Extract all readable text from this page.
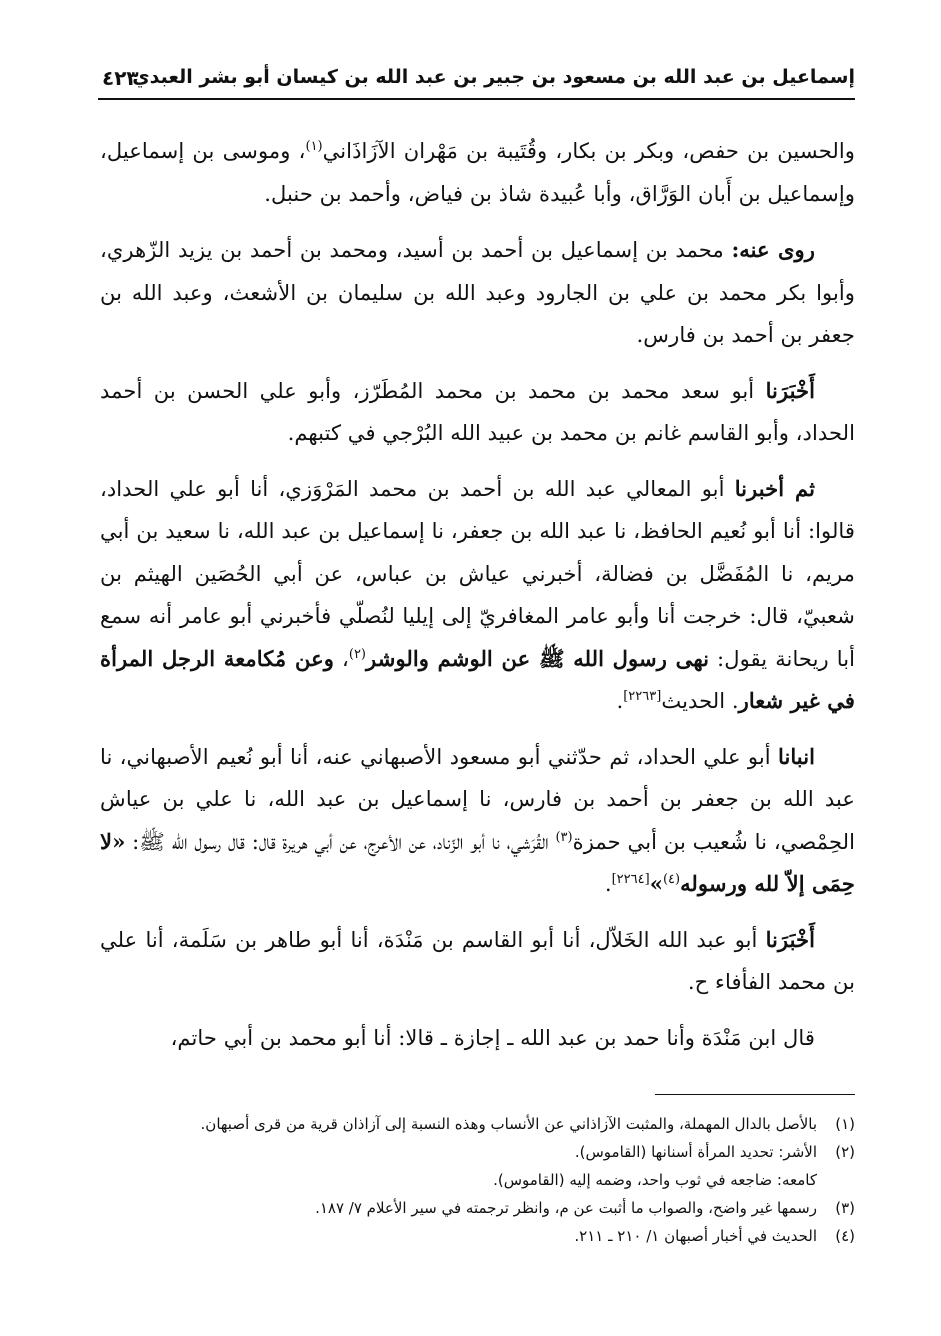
إسماعيل بن عبد الله بن مسعود بن جبير بن عبد الله بن كيسان أبو بشر العبدي
٤٢٣

والحسين بن حفص، وبكر بن بكار، وقُتَيبة بن مَهْران الآزَاذَاني$^{(١)}$، وموسى بن إسماعيل، وإسماعيل بن أَبان الوَرَّاق، وأبا عُبيدة شاذ بن فياض، وأحمد بن حنبل.

روى عنه: محمد بن إسماعيل بن أحمد بن أسيد، ومحمد بن أحمد بن يزيد الزّهري، وأبوا بكر محمد بن علي بن الجارود وعبد الله بن سليمان بن الأشعث، وعبد الله بن جعفر بن أحمد بن فارس.

أَخْبَرَنا أبو سعد محمد بن محمد بن محمد المُطَرّز، وأبو علي الحسن بن أحمد الحداد، وأبو القاسم غانم بن محمد بن عبيد الله البُرْجي في كتبهم.

ثم أخبرنا أبو المعالي عبد الله بن أحمد بن محمد المَرْوَزي، أنا أبو علي الحداد، قالوا: أنا أبو نُعيم الحافظ، نا عبد الله بن جعفر، نا إسماعيل بن عبد الله، نا سعيد بن أبي مريم، نا المُفَضَّل بن فضالة، أخبرني عياش بن عباس، عن أبي الحُصَين الهيثم بن شعبيّ، قال: خرجت أنا وأبو عامر المغافريّ إلى إيليا لنُصلّي فأخبرني أبو عامر أنه سمع أبا ريحانة يقول: نهى رسول الله ﷺ عن الوشم والوشر$^{(٢)}$، وعن مُكامعة الرجل المرأة في غير شعار. الحديث[٢٢٦٣].

انبانا أبو علي الحداد، ثم حدّثني أبو مسعود الأصبهاني عنه، أنا أبو نُعيم الأصبهاني، نا عبد الله بن جعفر بن أحمد بن فارس، نا إسماعيل بن عبد الله، نا علي بن عياش الحِمْصي، نا شُعيب بن أبي حمزة$^{(٣)}$ القُرَشي، نا أبو الزّناد، عن الأعرج، عن أبي هريرة قال: قال رسول الله ﷺ: «لا حِمَى إلاّ لله ورسوله$^{(٤)}$»[٢٢٦٤].

أَخْبَرَنا أبو عبد الله الخَلاّل، أنا أبو القاسم بن مَنْدَة، أنا أبو طاهر بن سَلَمة، أنا علي بن محمد الفأفاء ح.

قال ابن مَنْدَة وأنا حمد بن عبد الله ـ إجازة ـ قالا: أنا أبو محمد بن أبي حاتم،

(١)بالأصل بالدال المهملة، والمثبت الآزاذاني عن الأنساب وهذه النسبة إلى آزاذان قرية من قرى أصبهان.
(٢)الأشر: تحديد المرأة أسنانها (القاموس).
كامعه: ضاجعه في ثوب واحد، وضمه إليه (القاموس).
(٣)رسمها غير واضح، والصواب ما أثبت عن م، وانظر ترجمته في سير الأعلام ٧/ ١٨٧.
(٤)الحديث في أخبار أصبهان ١/ ٢١٠ ـ ٢١١.
